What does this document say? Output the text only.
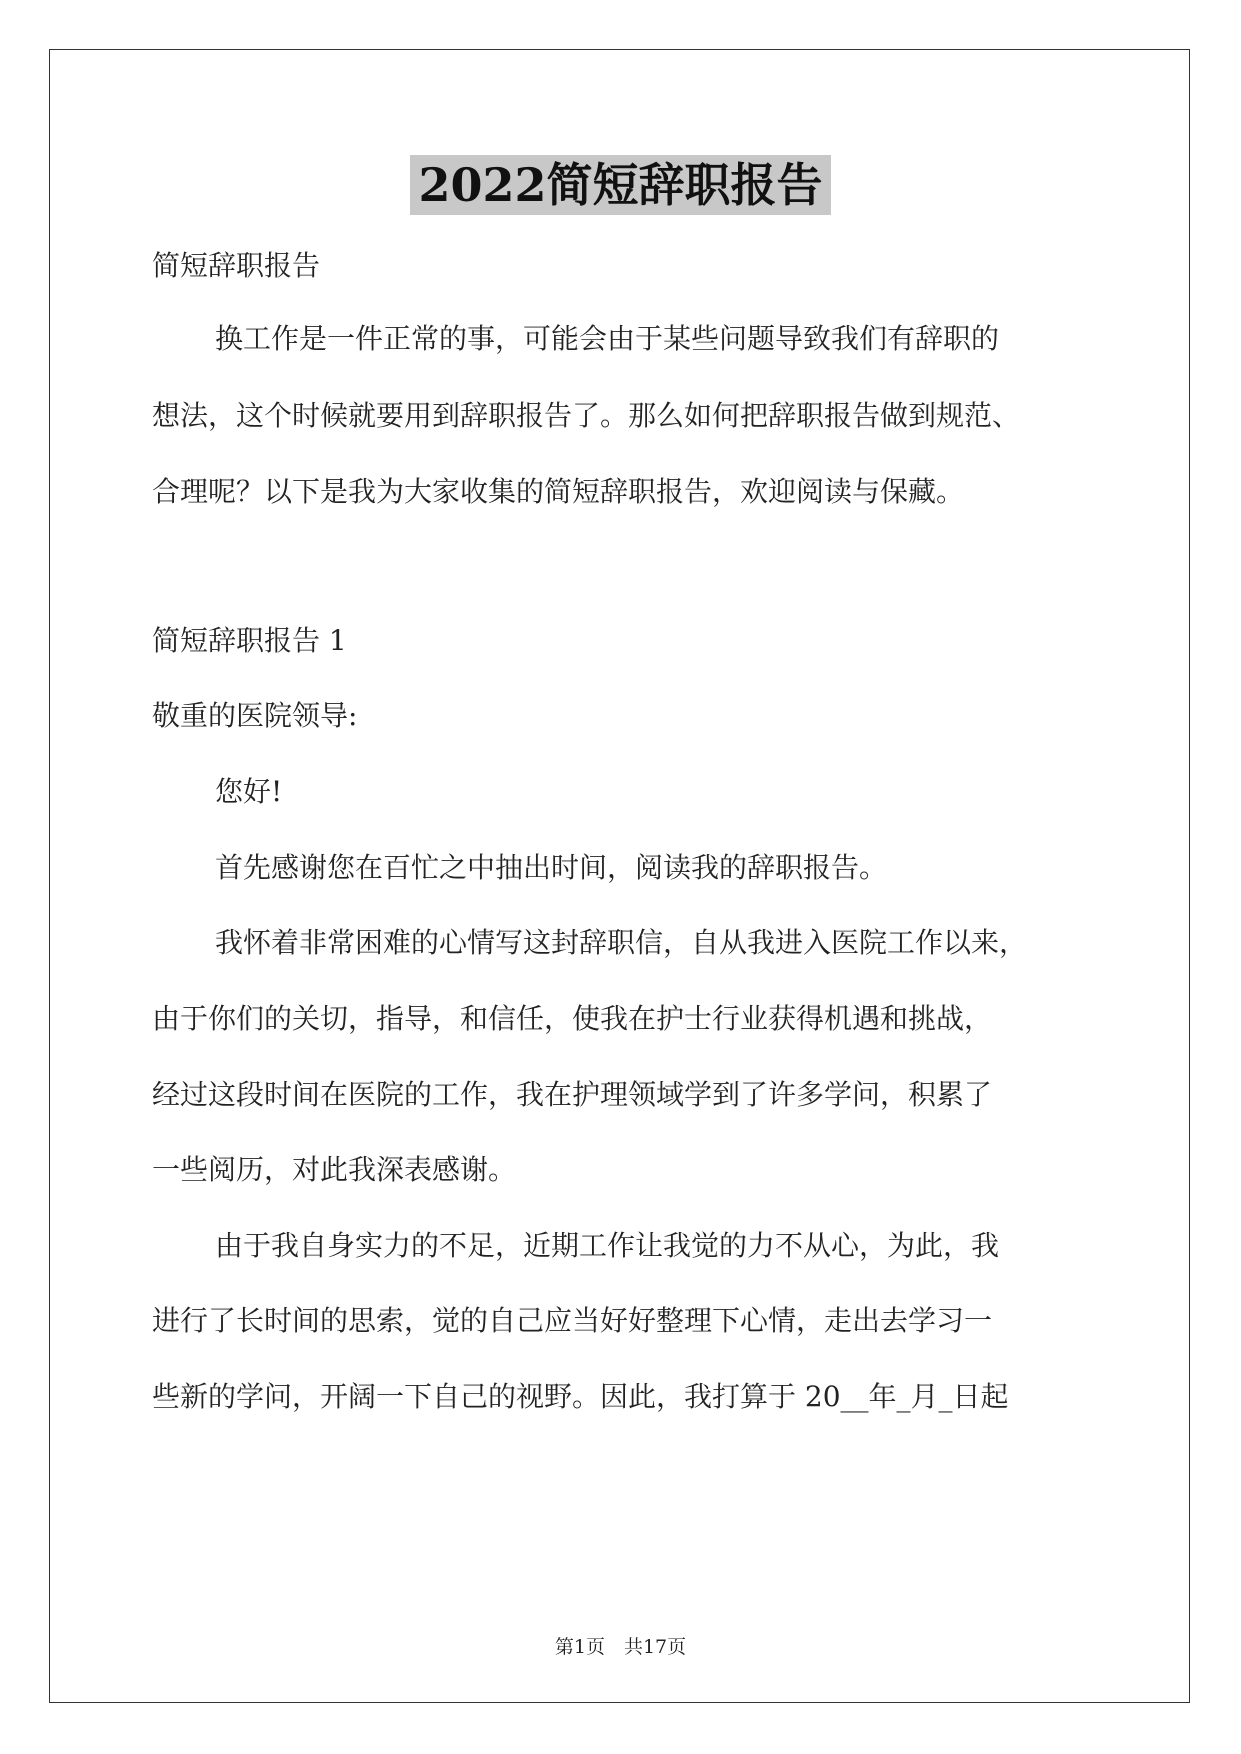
2022简短辞职报告
简短辞职报告
换工作是一件正常的事，可能会由于某些问题导致我们有辞职的
想法，这个时候就要用到辞职报告了。那么如何把辞职报告做到规范、
合理呢？以下是我为大家收集的简短辞职报告，欢迎阅读与保藏。
简短辞职报告 1
敬重的医院领导:
您好!
首先感谢您在百忙之中抽出时间，阅读我的辞职报告。
我怀着非常困难的心情写这封辞职信，自从我进入医院工作以来，
由于你们的关切，指导，和信任，使我在护士行业获得机遇和挑战，
经过这段时间在医院的工作，我在护理领域学到了许多学问，积累了
一些阅历，对此我深表感谢。
由于我自身实力的不足，近期工作让我觉的力不从心，为此，我
进行了长时间的思索，觉的自己应当好好整理下心情，走出去学习一
些新的学问，开阔一下自己的视野。因此，我打算于 20__年_月_日起
第1页　共17页
